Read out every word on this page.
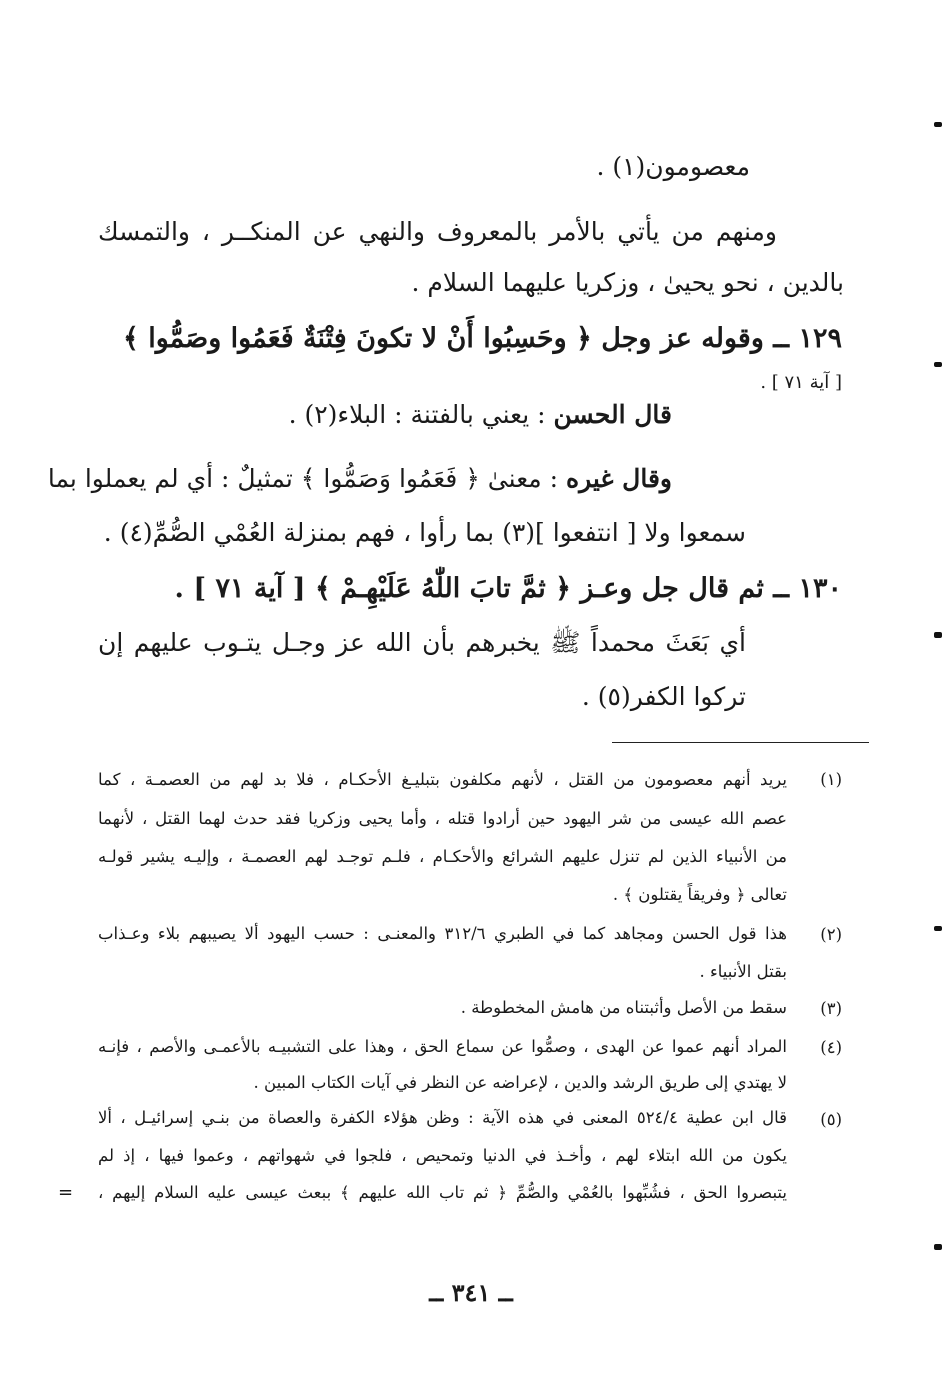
معصومون(١) .
ومنهم من يأتي بالأمر بالمعروف والنهي عن المنكــر ، والتمسك
بالدين ، نحو يحيىٰ ، وزكريا عليهما السلام .
١٢٩ ــ وقوله عز وجل ﴿ وحَسِبُوا أَنْ لا تكونَ فِتْنَةٌ فَعَمُوا وصَمُّوا ﴾
[ آية ٧١ ] .
قال الحسن : يعني بالفتنة : البلاء(٢) .
وقال غيره : معنىٰ ﴿ فَعَمُوا وَصَمُّوا ﴾ تمثيلٌ : أي لم يعملوا بما
سمعوا ولا [ انتفعوا ](٣) بما رأوا ، فهم بمنزلة العُمْي الصُّمِّ(٤) .
١٣٠ ــ ثم قال جل وعـز ﴿ ثمَّ تابَ اللّٰهُ عَلَيْهِـمْ ﴾ [ آية ٧١ ] .
أي بَعَثَ محمداً ﷺ يخبرهم بأن الله عز وجـل يتـوب عليهم إن
تركوا الكفر(٥) .
(١)
يريد أنهم معصومون من القتل ، لأنهم مكلفون بتبليـغ الأحكـام ، فلا بد لهم من العصمـة ، كما
عصم الله عيسى من شر اليهود حين أرادوا قتله ، وأما يحيى وزكريا فقد حدث لهما القتل ، لأنهما
من الأنبياء الذين لم تنزل عليهم الشرائع والأحكـام ، فلـم توجـد لهم العصمـة ، وإليـه يشير قولـه
تعالى ﴿ وفريقاً يقتلون ﴾ .
(٢)
هذا قول الحسن ومجاهد كما في الطبري ٣١٢/٦ والمعنـى : حسب اليهود ألا يصيبهم بلاء وعـذاب
بقتل الأنبياء .
(٣)
سقط من الأصل وأثبتناه من هامش المخطوطة .
(٤)
المراد أنهم عموا عن الهدى ، وصمُّوا عن سماع الحق ، وهذا على التشبيـه بالأعمـى والأصم ، فإنـه
لا يهتدي إلى طريق الرشد والدين ، لإعراضه عن النظر في آيات الكتاب المبين .
(٥)
قال ابن عطية ٥٢٤/٤ المعنى في هذه الآية : وظن هؤلاء الكفرة والعصاة من بنـي إسرائيـل ، ألا
يكون من الله ابتلاء لهم ، وأخـذ في الدنيا وتمحيص ، فلجوا في شهواتهم ، وعموا فيها ، إذ لم
يتبصروا الحق ، فشُبِّهوا بالعُمْي والصُّمِّ ﴿ ثم تاب الله عليهم ﴾ ببعث عيسى عليه السلام إليهم ،
=
ــ ٣٤١ ــ
